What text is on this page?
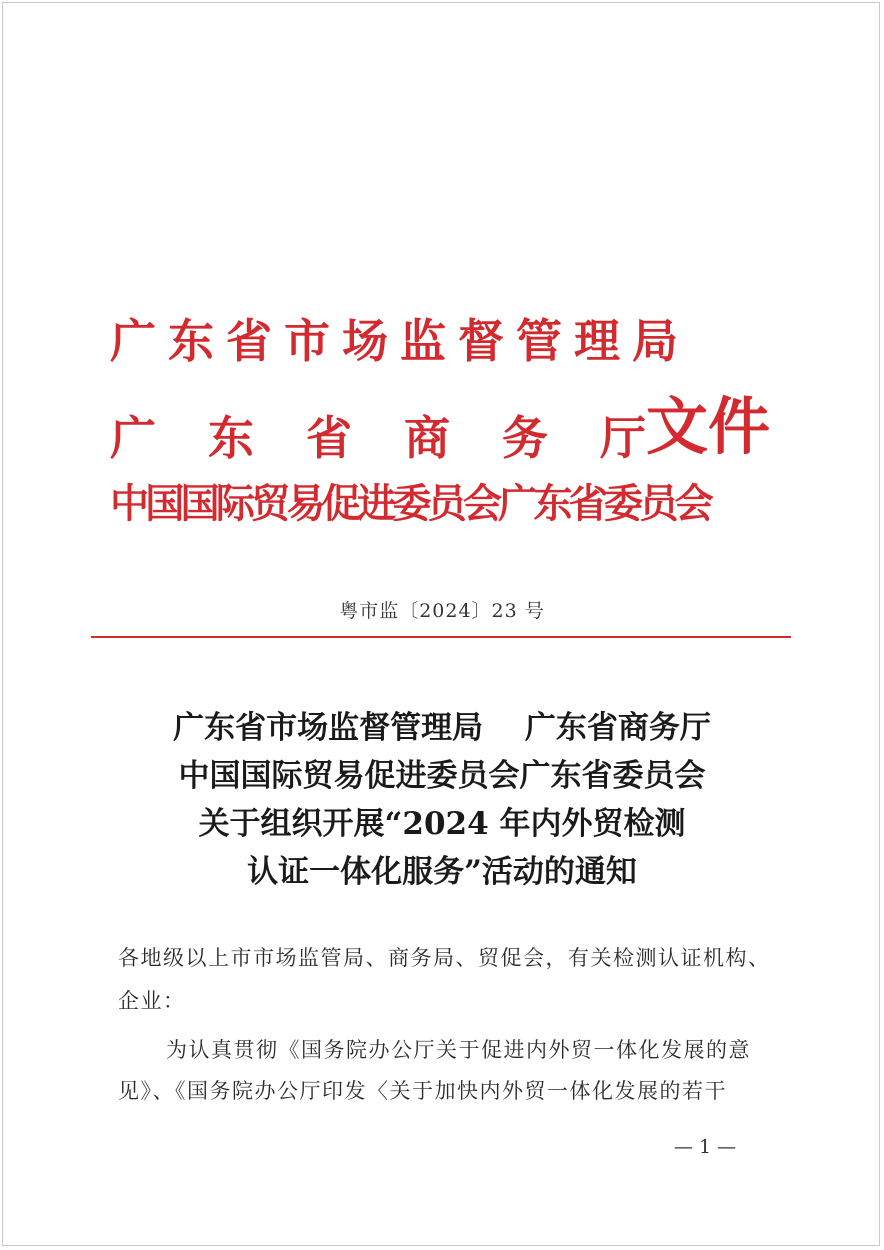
广东省市场监督管理局
广东省商务厅文件
中国国际贸易促进委员会广东省委员会
粤市监〔2024〕23 号
广东省市场监督管理局　 广东省商务厅
中国国际贸易促进委员会广东省委员会
关于组织开展“2024 年内外贸检测
认证一体化服务”活动的通知
各地级以上市市场监管局、商务局、贸促会，有关检测认证机构、
企业：
为认真贯彻《国务院办公厅关于促进内外贸一体化发展的意
见》、《国务院办公厅印发〈关于加快内外贸一体化发展的若干
— 1 —
